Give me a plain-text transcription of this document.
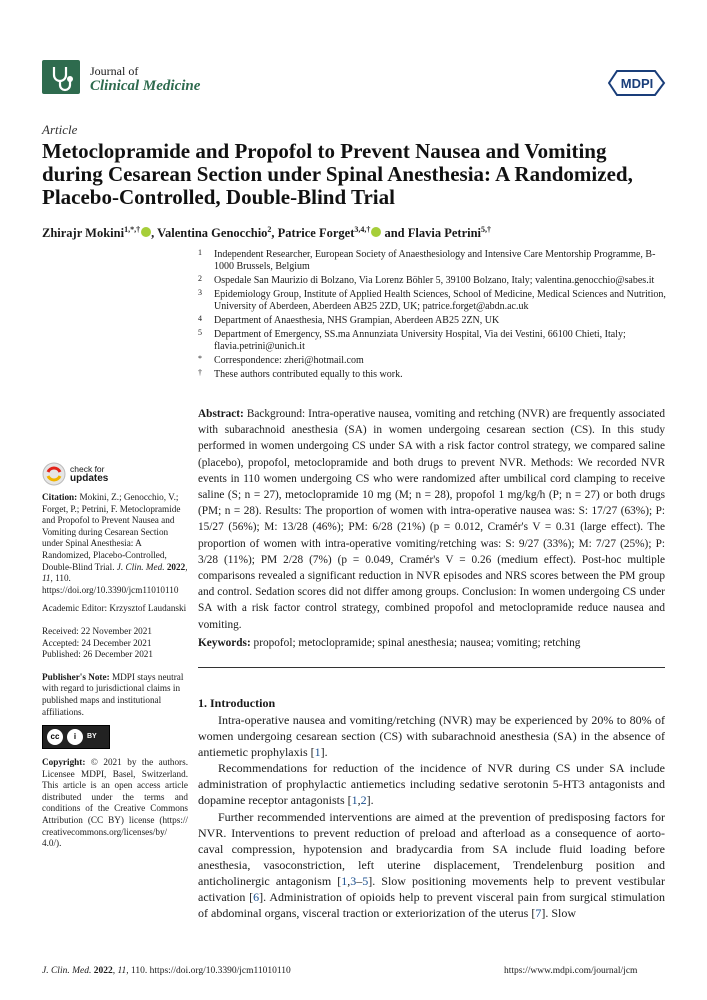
Journal of
Clinical Medicine	MDPI
Article
Metoclopramide and Propofol to Prevent Nausea and Vomiting during Cesarean Section under Spinal Anesthesia: A Randomized, Placebo-Controlled, Double-Blind Trial
Zhirajr Mokini$^{1,*,\dagger}$ , Valentina Genocchio$^2$, Patrice Forget$^{3,4,\dagger}$ and Flavia Petrini$^{5,\dagger}$
1 Independent Researcher, European Society of Anaesthesiology and Intensive Care Mentorship Programme, B-1000 Brussels, Belgium
2 Ospedale San Maurizio di Bolzano, Via Lorenz Böhler 5, 39100 Bolzano, Italy; valentina.genocchio@sabes.it
3 Epidemiology Group, Institute of Applied Health Sciences, School of Medicine, Medical Sciences and Nutrition, University of Aberdeen, Aberdeen AB25 2ZD, UK; patrice.forget@abdn.ac.uk
4 Department of Anaesthesia, NHS Grampian, Aberdeen AB25 2ZN, UK
5 Department of Emergency, SS.ma Annunziata University Hospital, Via dei Vestini, 66100 Chieti, Italy; flavia.petrini@unich.it
* Correspondence: zheri@hotmail.com
† These authors contributed equally to this work.
Abstract: Background: Intra-operative nausea, vomiting and retching (NVR) are frequently associated with subarachnoid anesthesia (SA) in women undergoing cesarean section (CS). In this study performed in women undergoing CS under SA with a risk factor control strategy, we compared saline (placebo), propofol, metoclopramide and both drugs to prevent NVR. Methods: We recorded NVR events in 110 women undergoing CS who were randomized after umbilical cord clamping to receive saline (S; n = 27), metoclopramide 10 mg (M; n = 28), propofol 1 mg/kg/h (P; n = 27) or both drugs (PM; n = 28). Results: The proportion of women with intra-operative nausea was: S: 17/27 (63%); P: 15/27 (56%); M: 13/28 (46%); PM: 6/28 (21%) (p = 0.012, Cramér's V = 0.31 (large effect). The proportion of women with intra-operative vomiting/retching was: S: 9/27 (33%); M: 7/27 (25%); P: 3/28 (11%); PM 2/28 (7%) (p = 0.049, Cramér's V = 0.26 (medium effect). Post-hoc multiple comparisons revealed a significant reduction in NVR episodes and NRS scores between the PM group and control. Sedation scores did not differ among groups. Conclusion: In women undergoing CS under SA with a risk factor control strategy, combined propofol and metoclopramide reduce nausea and vomiting.
Keywords: propofol; metoclopramide; spinal anesthesia; nausea; vomiting; retching
check for
updates

Citation: Mokini, Z.; Genocchio, V.; Forget, P.; Petrini, F. Metoclopramide and Propofol to Prevent Nausea and Vomiting during Cesarean Section under Spinal Anesthesia: A Randomized, Placebo-Controlled, Double-Blind Trial. J. Clin. Med. 2022, 11, 110. https://doi.org/10.3390/jcm11010110

Academic Editor: Krzysztof Laudanski

Received: 22 November 2021
Accepted: 24 December 2021
Published: 26 December 2021

Publisher's Note: MDPI stays neutral with regard to jurisdictional claims in published maps and institutional affiliations.

cc	i	BY

Copyright: © 2021 by the authors. Licensee MDPI, Basel, Switzerland. This article is an open access article distributed under the terms and conditions of the Creative Commons Attribution (CC BY) license (https:// creativecommons.org/licenses/by/ 4.0/).

1. Introduction

Intra-operative nausea and vomiting/retching (NVR) may be experienced by 20% to 80% of women undergoing cesarean section (CS) with subarachnoid anesthesia (SA) in the absence of antiemetic prophylaxis [1].

Recommendations for reduction of the incidence of NVR during CS under SA include administration of prophylactic antiemetics including sedative serotonin 5-HT3 antagonists and dopamine receptor antagonists [1,2].

Further recommended interventions are aimed at the prevention of predisposing factors for NVR. Interventions to prevent reduction of preload and afterload as a consequence of aorto-caval compression, hypotension and bradycardia from SA include fluid loading before anesthesia, vasoconstriction, left uterine displacement, Trendelenburg position and anticholinergic antagonism [1,3–5]. Slow positioning movements help to prevent vestibular activation [6]. Administration of opioids help to prevent visceral pain from surgical stimulation of abdominal organs, visceral traction or exteriorization of the uterus [7]. Slow

J. Clin. Med. 2022, 11, 110. https://doi.org/10.3390/jcm11010110	https://www.mdpi.com/journal/jcm
